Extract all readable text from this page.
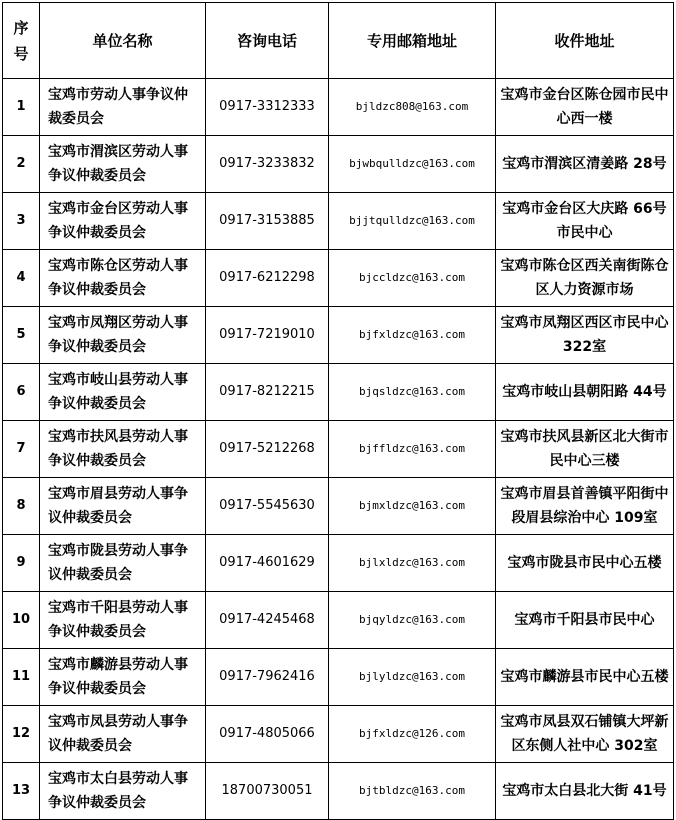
序
号	单位名称	咨询电话	专用邮箱地址	收件地址
1	宝鸡市劳动人事争议仲裁委员会	0917-3312333	bjldzc808@163.com	宝鸡市金台区陈仓园市民中心西一楼
2	宝鸡市渭滨区劳动人事争议仲裁委员会	0917-3233832	bjwbqulldzc@163.com	宝鸡市渭滨区清姜路 28号
3	宝鸡市金台区劳动人事争议仲裁委员会	0917-3153885	bjjtqulldzc@163.com	宝鸡市金台区大庆路 66号市民中心
4	宝鸡市陈仓区劳动人事争议仲裁委员会	0917-6212298	bjccldzc@163.com	宝鸡市陈仓区西关南街陈仓区人力资源市场
5	宝鸡市凤翔区劳动人事争议仲裁委员会	0917-7219010	bjfxldzc@163.com	宝鸡市凤翔区西区市民中心 322室
6	宝鸡市岐山县劳动人事争议仲裁委员会	0917-8212215	bjqsldzc@163.com	宝鸡市岐山县朝阳路 44号
7	宝鸡市扶风县劳动人事争议仲裁委员会	0917-5212268	bjffldzc@163.com	宝鸡市扶风县新区北大街市民中心三楼
8	宝鸡市眉县劳动人事争议仲裁委员会	0917-5545630	bjmxldzc@163.com	宝鸡市眉县首善镇平阳街中段眉县综治中心 109室
9	宝鸡市陇县劳动人事争议仲裁委员会	0917-4601629	bjlxldzc@163.com	宝鸡市陇县市民中心五楼
10	宝鸡市千阳县劳动人事争议仲裁委员会	0917-4245468	bjqyldzc@163.com	宝鸡市千阳县市民中心
11	宝鸡市麟游县劳动人事争议仲裁委员会	0917-7962416	bjlyldzc@163.com	宝鸡市麟游县市民中心五楼
12	宝鸡市凤县劳动人事争议仲裁委员会	0917-4805066	bjfxldzc@126.com	宝鸡市凤县双石铺镇大坪新区东侧人社中心 302室
13	宝鸡市太白县劳动人事争议仲裁委员会	18700730051	bjtbldzc@163.com	宝鸡市太白县北大街 41号
